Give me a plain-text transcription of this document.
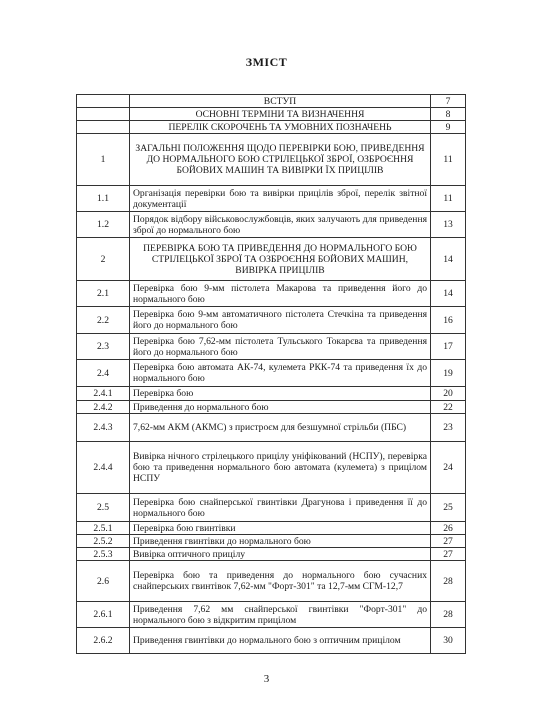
ЗМІСТ
	ВСТУП	7
	ОСНОВНІ ТЕРМІНИ ТА ВИЗНАЧЕННЯ	8
	ПЕРЕЛІК СКОРОЧЕНЬ ТА УМОВНИХ ПОЗНАЧЕНЬ	9
1	ЗАГАЛЬНІ ПОЛОЖЕННЯ ЩОДО ПЕРЕВІРКИ БОЮ, ПРИВЕДЕННЯ ДО НОРМАЛЬНОГО БОЮ СТРІЛЕЦЬКОЇ ЗБРОЇ, ОЗБРОЄННЯ БОЙОВИХ МАШИН ТА ВИВІРКИ ЇХ ПРИЦІЛІВ	11
1.1	Організація перевірки бою та вивірки прицілів зброї, перелік звітної документації	11
1.2	Порядок відбору військовослужбовців, яких залучають для приведення зброї до нормального бою	13
2	ПЕРЕВІРКА БОЮ ТА ПРИВЕДЕННЯ ДО НОРМАЛЬНОГО БОЮ СТРІЛЕЦЬКОЇ ЗБРОЇ ТА ОЗБРОЄННЯ БОЙОВИХ МАШИН, ВИВІРКА ПРИЦІЛІВ	14
2.1	Перевірка бою 9-мм пістолета Макарова та приведення його до нормального бою	14
2.2	Перевірка бою 9-мм автоматичного пістолета Стечкіна та приведення його до нормального бою	16
2.3	Перевірка бою 7,62-мм пістолета Тульського Токарєва та приведення його до нормального бою	17
2.4	Перевірка бою автомата АК-74, кулемета РКК-74 та приведення їх до нормального бою	19
2.4.1	Перевірка бою	20
2.4.2	Приведення до нормального бою	22
2.4.3	7,62-мм АКМ (АКМС) з пристроєм для безшумної стрільби (ПБС)	23
2.4.4	Вивірка нічного стрілецького прицілу уніфікований (НСПУ), перевірка бою та приведення нормального бою автомата (кулемета) з прицілом НСПУ	24
2.5	Перевірка бою снайперської гвинтівки Драгунова і приведення її до нормального бою	25
2.5.1	Перевірка бою гвинтівки	26
2.5.2	Приведення гвинтівки до нормального бою	27
2.5.3	Вивірка оптичного прицілу	27
2.6	Перевірка бою та приведення до нормального бою сучасних снайперських гвинтівок 7,62-мм "Форт-301" та 12,7-мм СГМ-12,7	28
2.6.1	Приведення 7,62 мм снайперської гвинтівки "Форт-301" до нормального бою з відкритим прицілом	28
2.6.2	Приведення гвинтівки до нормального бою з оптичним прицілом	30
3
